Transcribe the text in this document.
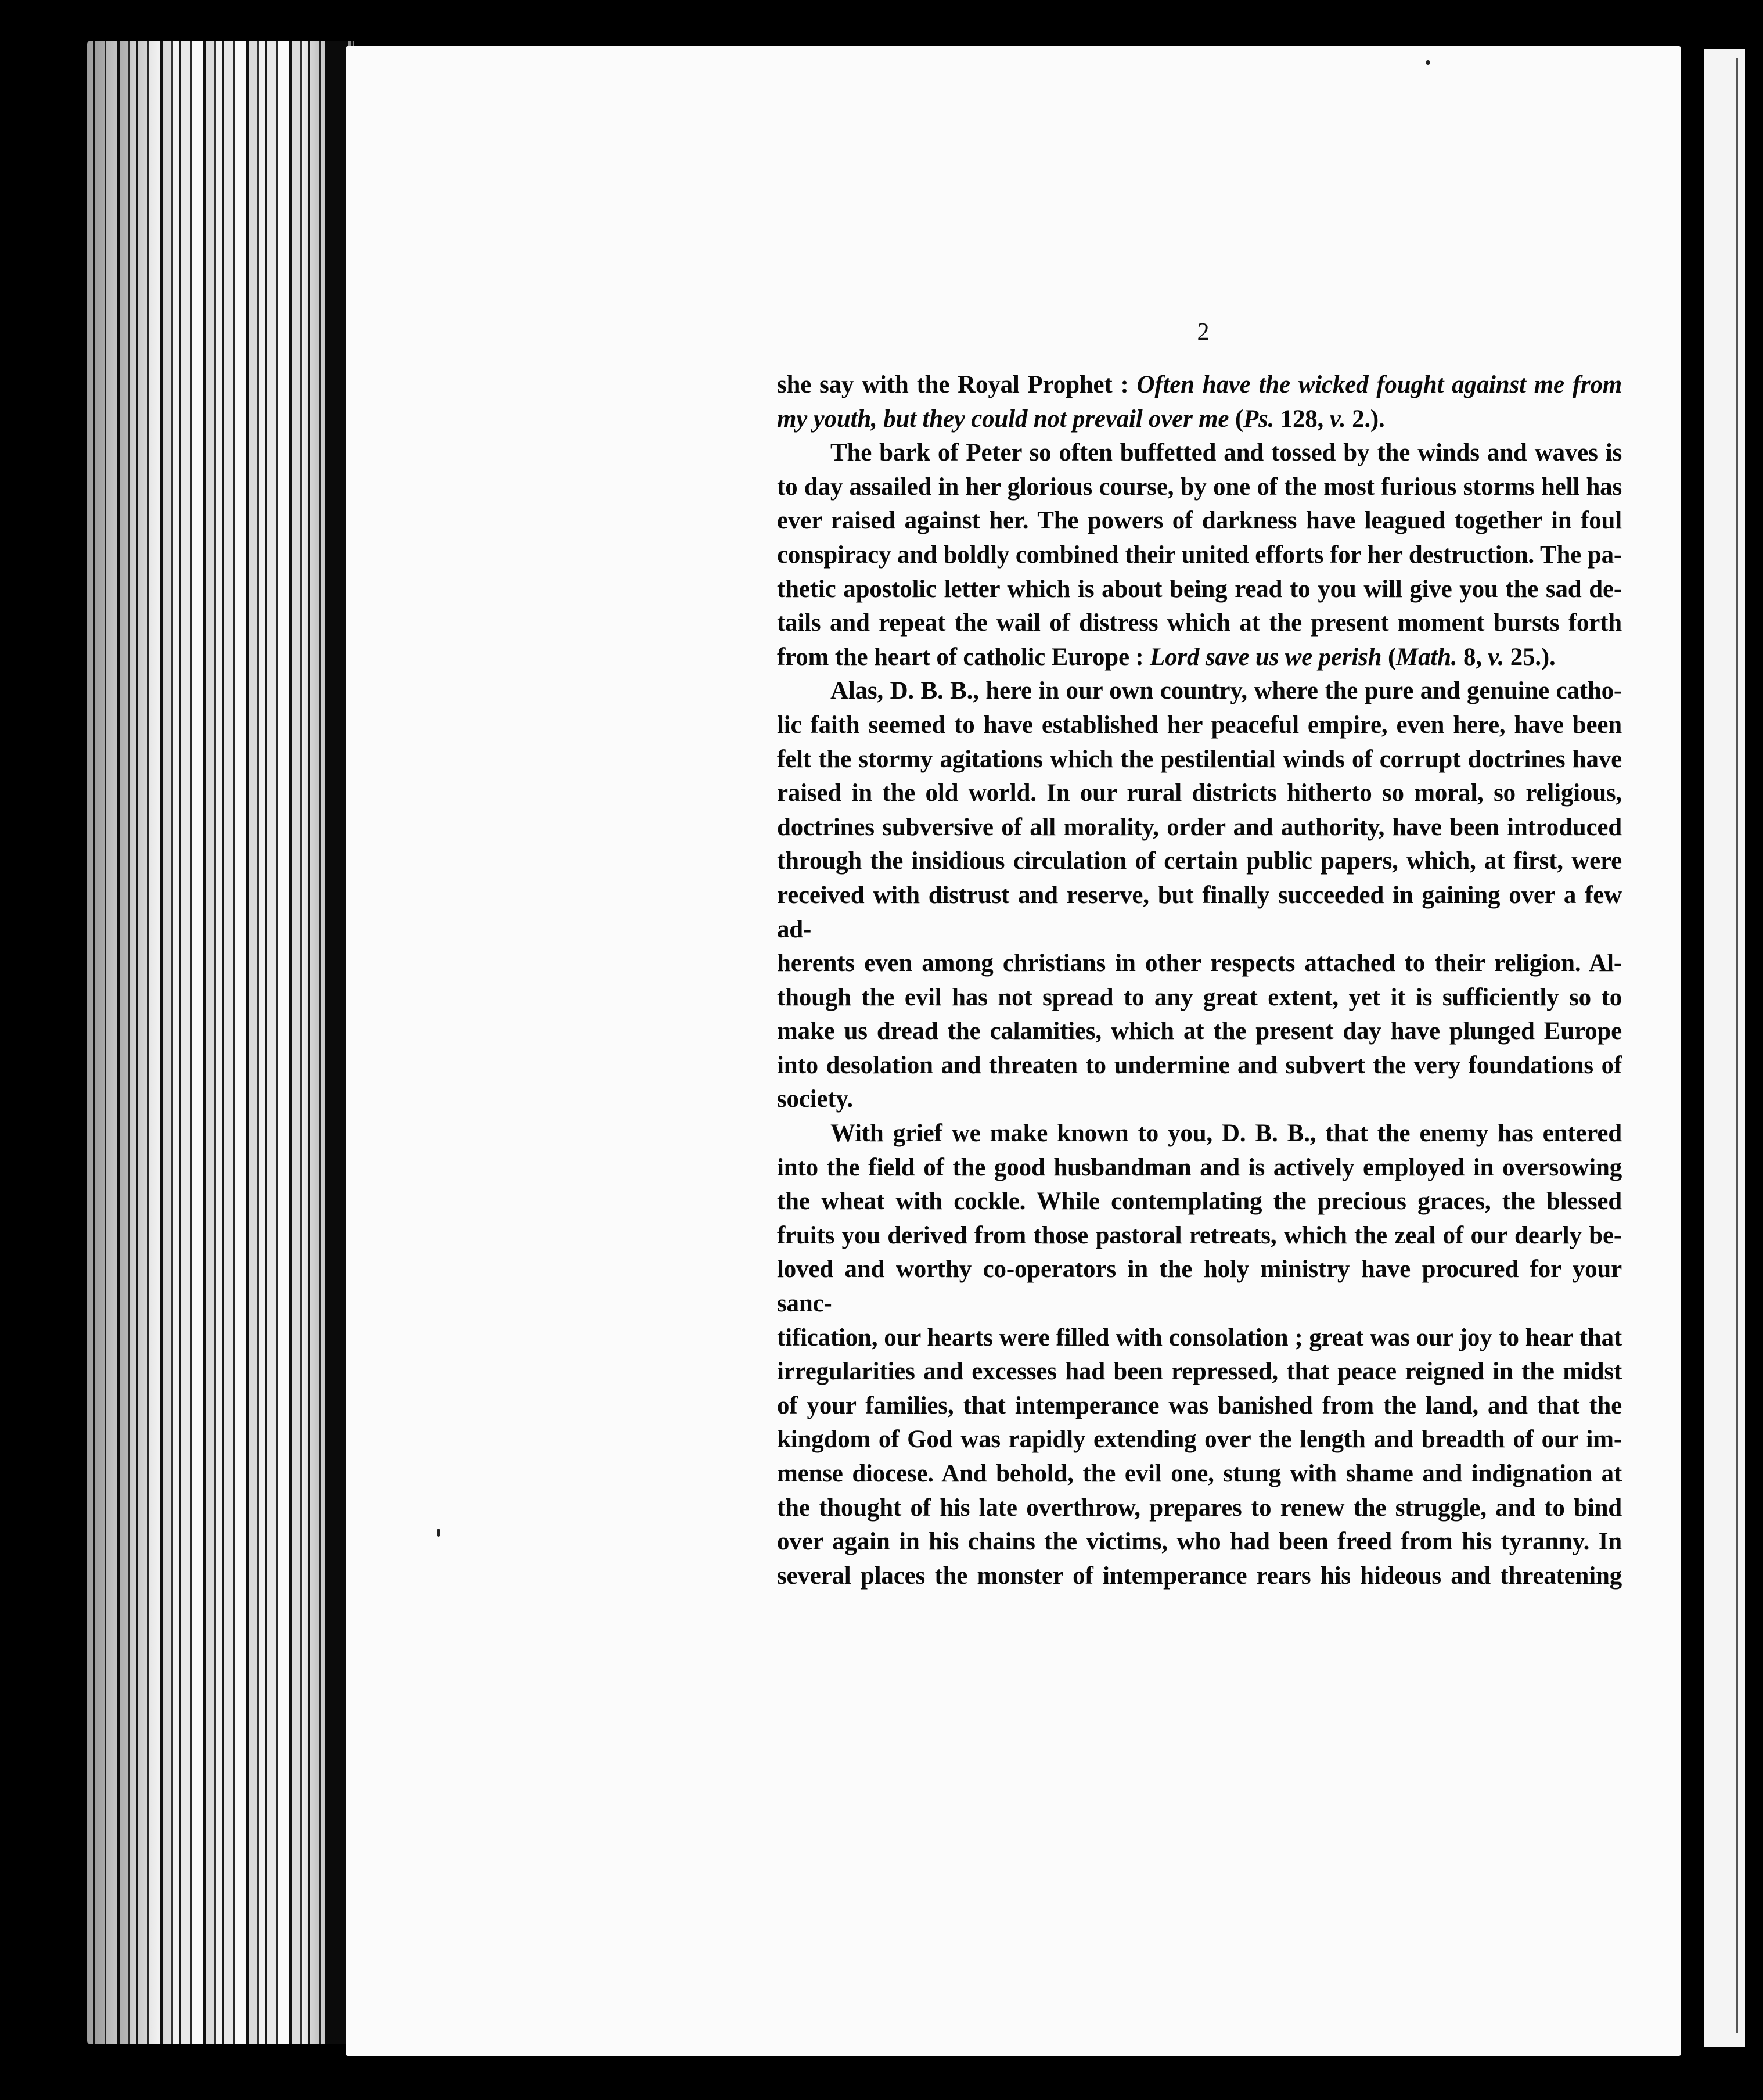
2
she say with the Royal Prophet : Often have the wicked fought against me from
my youth, but they could not prevail over me (Ps. 128, v. 2.).
The bark of Peter so often buffetted and tossed by the winds and waves is
to day assailed in her glorious course, by one of the most furious storms hell has
ever raised against her. The powers of darkness have leagued together in foul
conspiracy and boldly combined their united efforts for her destruction. The pa-
thetic apostolic letter which is about being read to you will give you the sad de-
tails and repeat the wail of distress which at the present moment bursts forth
from the heart of catholic Europe : Lord save us we perish (Math. 8, v. 25.).
Alas, D. B. B., here in our own country, where the pure and genuine catho-
lic faith seemed to have established her peaceful empire, even here, have been
felt the stormy agitations which the pestilential winds of corrupt doctrines have
raised in the old world. In our rural districts hitherto so moral, so religious,
doctrines subversive of all morality, order and authority, have been introduced
through the insidious circulation of certain public papers, which, at first, were
received with distrust and reserve, but finally succeeded in gaining over a few ad-
herents even among christians in other respects attached to their religion. Al-
though the evil has not spread to any great extent, yet it is sufficiently so to
make us dread the calamities, which at the present day have plunged Europe
into desolation and threaten to undermine and subvert the very foundations of
society.
With grief we make known to you, D. B. B., that the enemy has entered
into the field of the good husbandman and is actively employed in oversowing
the wheat with cockle. While contemplating the precious graces, the blessed
fruits you derived from those pastoral retreats, which the zeal of our dearly be-
loved and worthy co-operators in the holy ministry have procured for your sanc-
tification, our hearts were filled with consolation ; great was our joy to hear that
irregularities and excesses had been repressed, that peace reigned in the midst
of your families, that intemperance was banished from the land, and that the
kingdom of God was rapidly extending over the length and breadth of our im-
mense diocese. And behold, the evil one, stung with shame and indignation at
the thought of his late overthrow, prepares to renew the struggle, and to bind
over again in his chains the victims, who had been freed from his tyranny. In
several places the monster of intemperance rears his hideous and threatening
